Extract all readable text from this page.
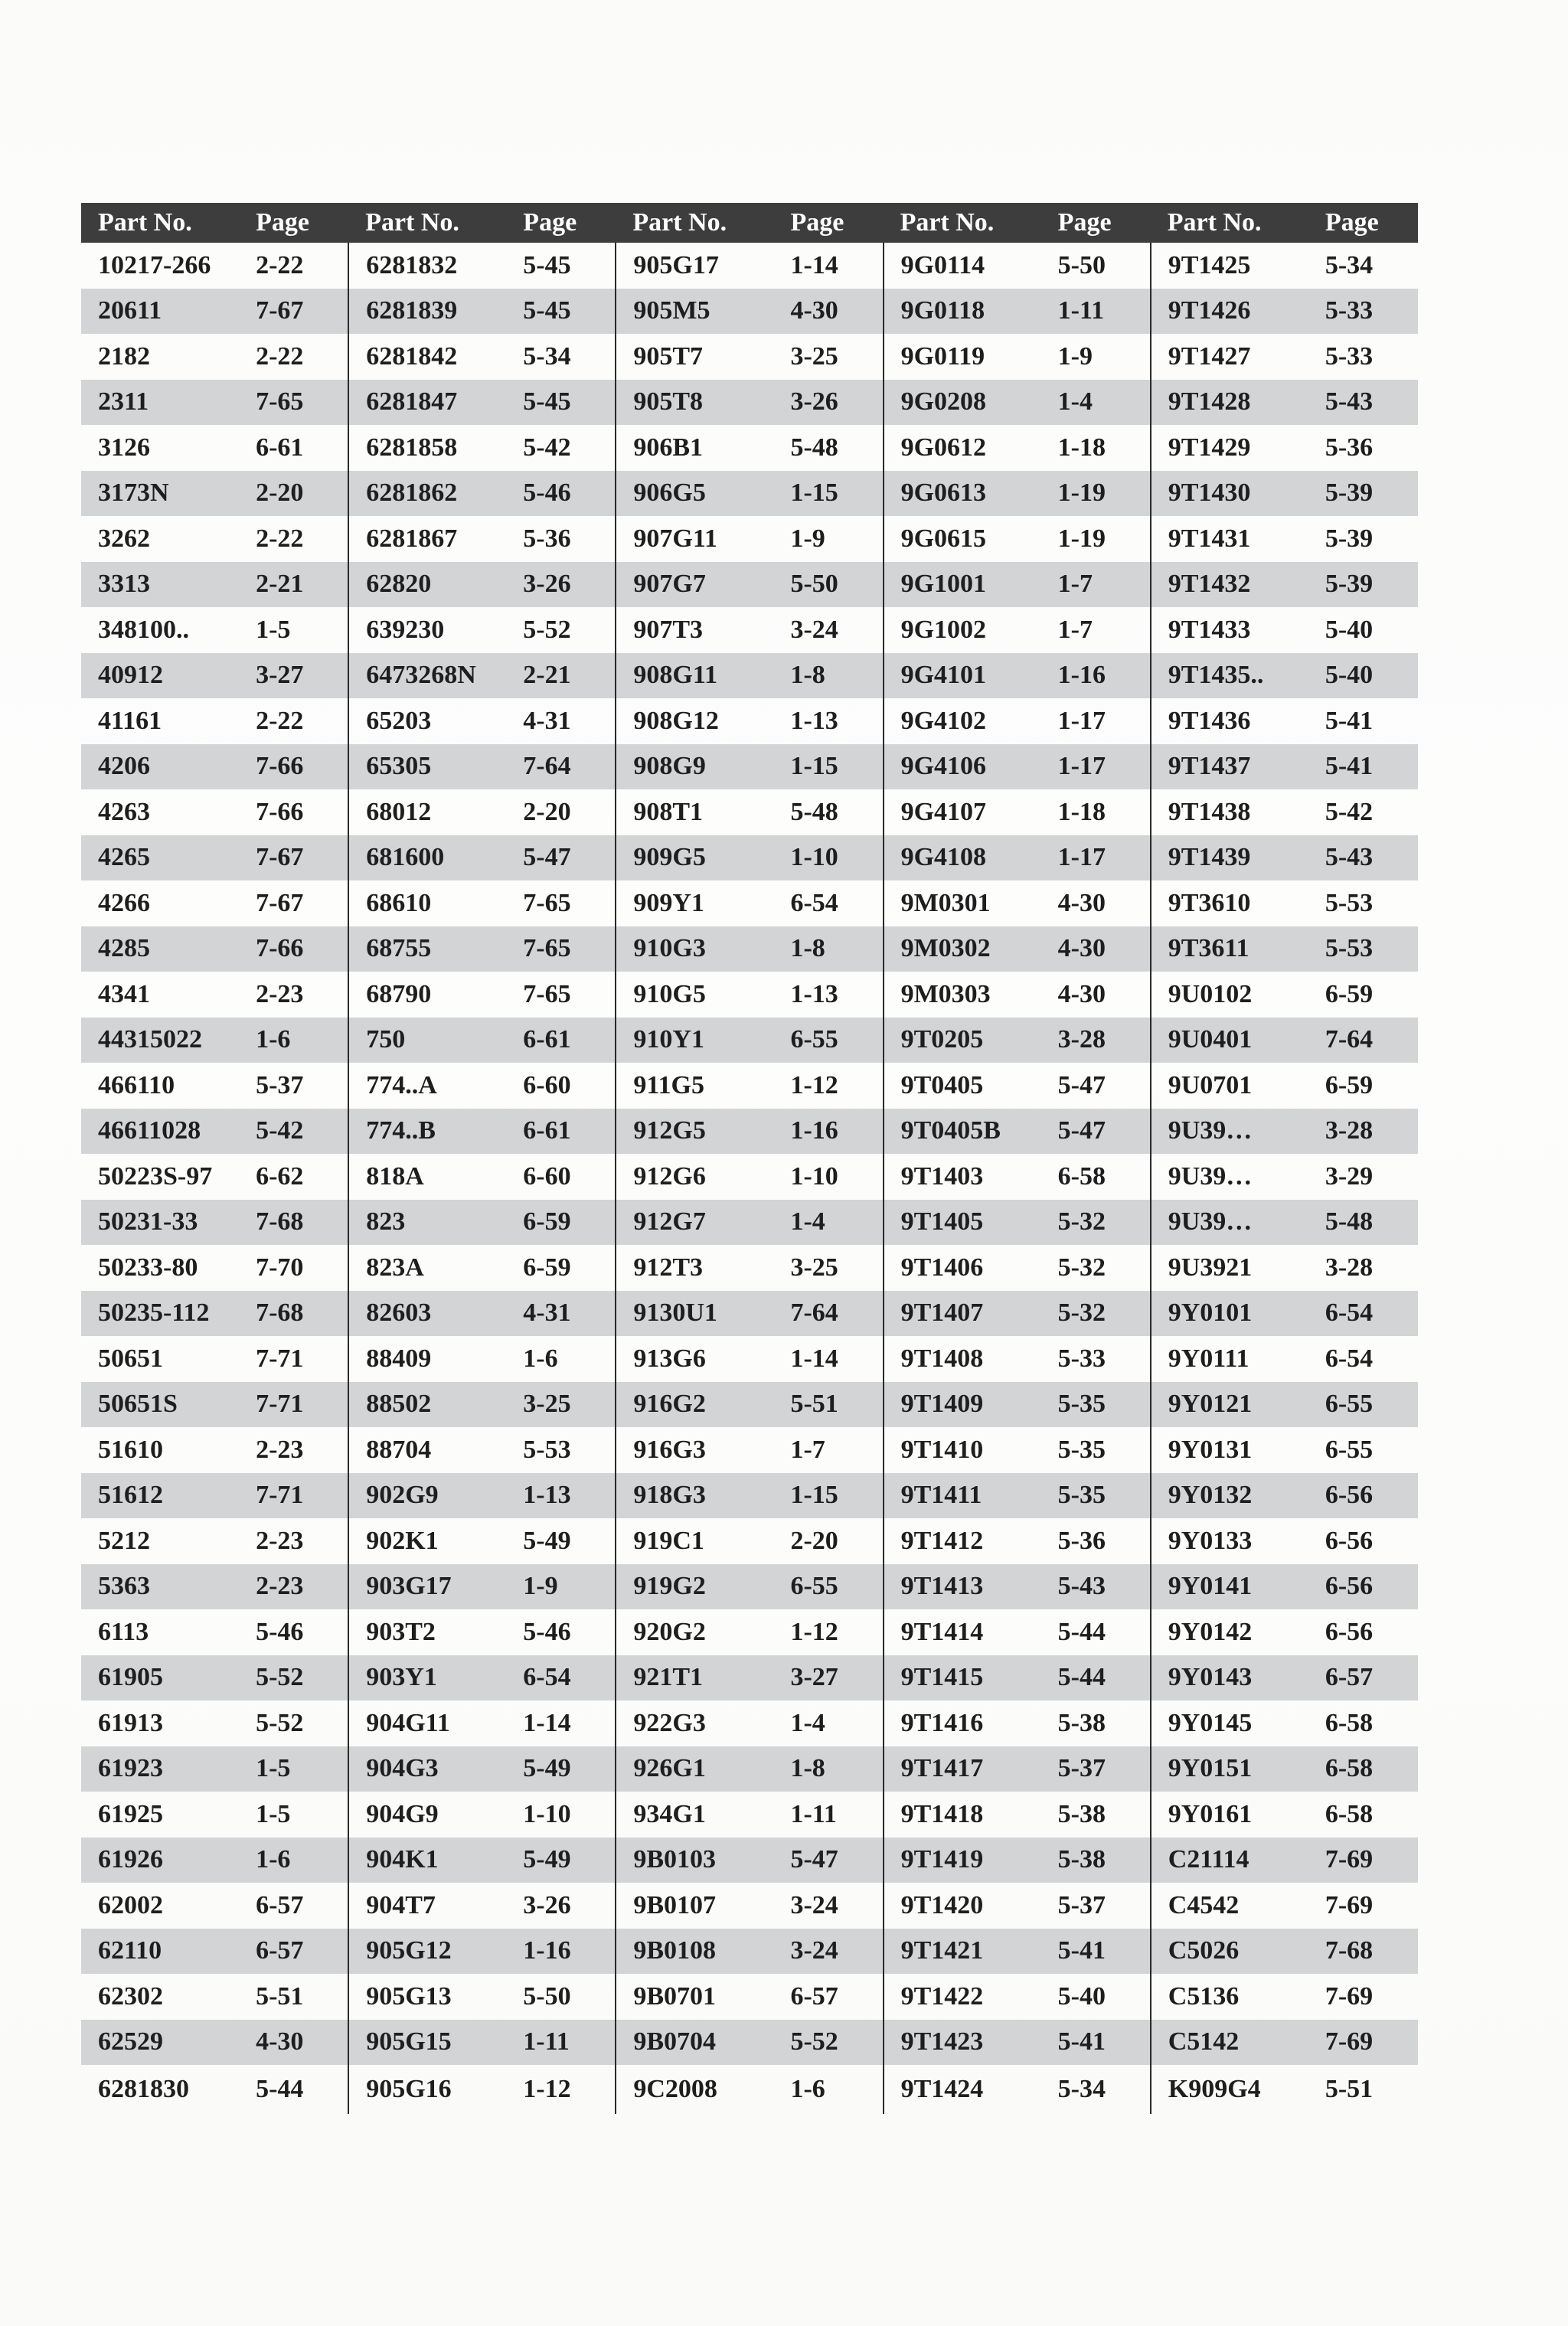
Part No.	Page	Part No.	Page	Part No.	Page	Part No.	Page	Part No.	Page
10217-266	2-22	6281832	5-45	905G17	1-14	9G0114	5-50	9T1425	5-34
20611	7-67	6281839	5-45	905M5	4-30	9G0118	1-11	9T1426	5-33
2182	2-22	6281842	5-34	905T7	3-25	9G0119	1-9	9T1427	5-33
2311	7-65	6281847	5-45	905T8	3-26	9G0208	1-4	9T1428	5-43
3126	6-61	6281858	5-42	906B1	5-48	9G0612	1-18	9T1429	5-36
3173N	2-20	6281862	5-46	906G5	1-15	9G0613	1-19	9T1430	5-39
3262	2-22	6281867	5-36	907G11	1-9	9G0615	1-19	9T1431	5-39
3313	2-21	62820	3-26	907G7	5-50	9G1001	1-7	9T1432	5-39
348100..	1-5	639230	5-52	907T3	3-24	9G1002	1-7	9T1433	5-40
40912	3-27	6473268N	2-21	908G11	1-8	9G4101	1-16	9T1435..	5-40
41161	2-22	65203	4-31	908G12	1-13	9G4102	1-17	9T1436	5-41
4206	7-66	65305	7-64	908G9	1-15	9G4106	1-17	9T1437	5-41
4263	7-66	68012	2-20	908T1	5-48	9G4107	1-18	9T1438	5-42
4265	7-67	681600	5-47	909G5	1-10	9G4108	1-17	9T1439	5-43
4266	7-67	68610	7-65	909Y1	6-54	9M0301	4-30	9T3610	5-53
4285	7-66	68755	7-65	910G3	1-8	9M0302	4-30	9T3611	5-53
4341	2-23	68790	7-65	910G5	1-13	9M0303	4-30	9U0102	6-59
44315022	1-6	750	6-61	910Y1	6-55	9T0205	3-28	9U0401	7-64
466110	5-37	774..A	6-60	911G5	1-12	9T0405	5-47	9U0701	6-59
46611028	5-42	774..B	6-61	912G5	1-16	9T0405B	5-47	9U39…	3-28
50223S-97	6-62	818A	6-60	912G6	1-10	9T1403	6-58	9U39…	3-29
50231-33	7-68	823	6-59	912G7	1-4	9T1405	5-32	9U39…	5-48
50233-80	7-70	823A	6-59	912T3	3-25	9T1406	5-32	9U3921	3-28
50235-112	7-68	82603	4-31	9130U1	7-64	9T1407	5-32	9Y0101	6-54
50651	7-71	88409	1-6	913G6	1-14	9T1408	5-33	9Y0111	6-54
50651S	7-71	88502	3-25	916G2	5-51	9T1409	5-35	9Y0121	6-55
51610	2-23	88704	5-53	916G3	1-7	9T1410	5-35	9Y0131	6-55
51612	7-71	902G9	1-13	918G3	1-15	9T1411	5-35	9Y0132	6-56
5212	2-23	902K1	5-49	919C1	2-20	9T1412	5-36	9Y0133	6-56
5363	2-23	903G17	1-9	919G2	6-55	9T1413	5-43	9Y0141	6-56
6113	5-46	903T2	5-46	920G2	1-12	9T1414	5-44	9Y0142	6-56
61905	5-52	903Y1	6-54	921T1	3-27	9T1415	5-44	9Y0143	6-57
61913	5-52	904G11	1-14	922G3	1-4	9T1416	5-38	9Y0145	6-58
61923	1-5	904G3	5-49	926G1	1-8	9T1417	5-37	9Y0151	6-58
61925	1-5	904G9	1-10	934G1	1-11	9T1418	5-38	9Y0161	6-58
61926	1-6	904K1	5-49	9B0103	5-47	9T1419	5-38	C21114	7-69
62002	6-57	904T7	3-26	9B0107	3-24	9T1420	5-37	C4542	7-69
62110	6-57	905G12	1-16	9B0108	3-24	9T1421	5-41	C5026	7-68
62302	5-51	905G13	5-50	9B0701	6-57	9T1422	5-40	C5136	7-69
62529	4-30	905G15	1-11	9B0704	5-52	9T1423	5-41	C5142	7-69
6281830	5-44	905G16	1-12	9C2008	1-6	9T1424	5-34	K909G4	5-51
